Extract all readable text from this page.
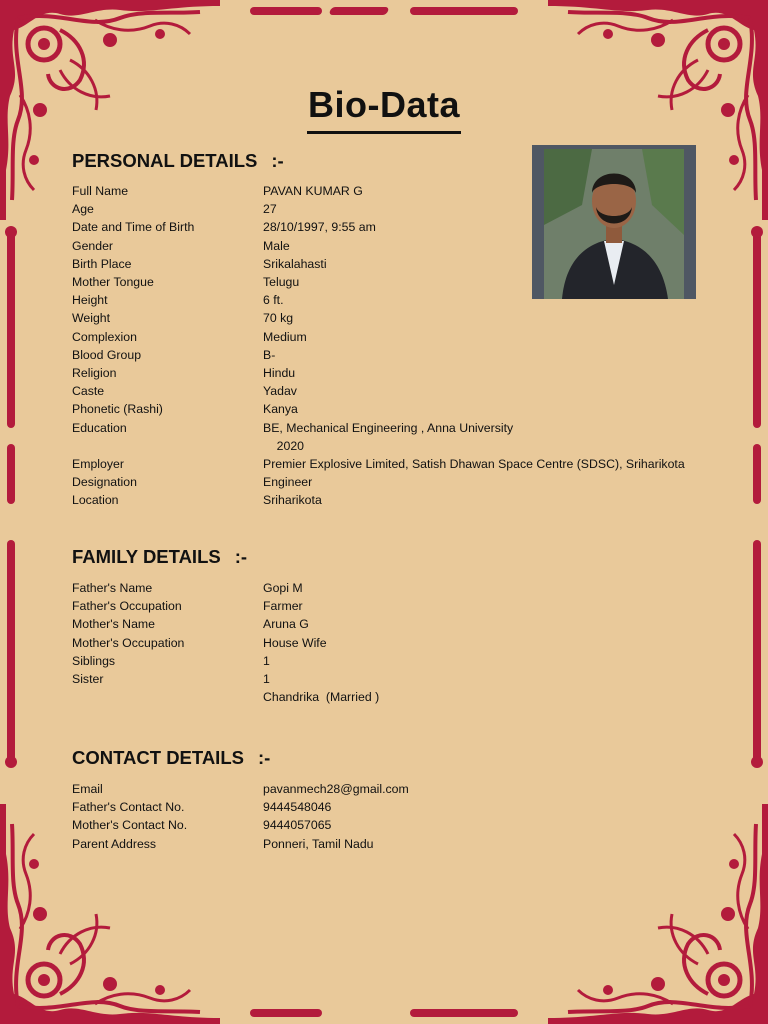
Bio-Data
PERSONAL DETAILS :-
Full Name	PAVAN KUMAR G
Age	27
Date and Time of Birth	28/10/1997, 9:55 am
Gender	Male
Birth Place	Srikalahasti
Mother Tongue	Telugu
Height	6 ft.
Weight	70 kg
Complexion	Medium
Blood Group	B-
Religion	Hindu
Caste	Yadav
Phonetic (Rashi)	Kanya
Education	BE, Mechanical Engineering , Anna University
2020
Employer	Premier Explosive Limited, Satish Dhawan Space Centre (SDSC), Sriharikota
Designation	Engineer
Location	Sriharikota
FAMILY DETAILS :-
Father's Name	Gopi M
Father's Occupation	Farmer
Mother's Name	Aruna G
Mother's Occupation	House Wife
Siblings	1
Sister	1
Chandrika  (Married )
CONTACT DETAILS :-
Email	pavanmech28@gmail.com
Father's Contact No.	9444548046
Mother's Contact No.	9444057065
Parent Address	Ponneri, Tamil Nadu
